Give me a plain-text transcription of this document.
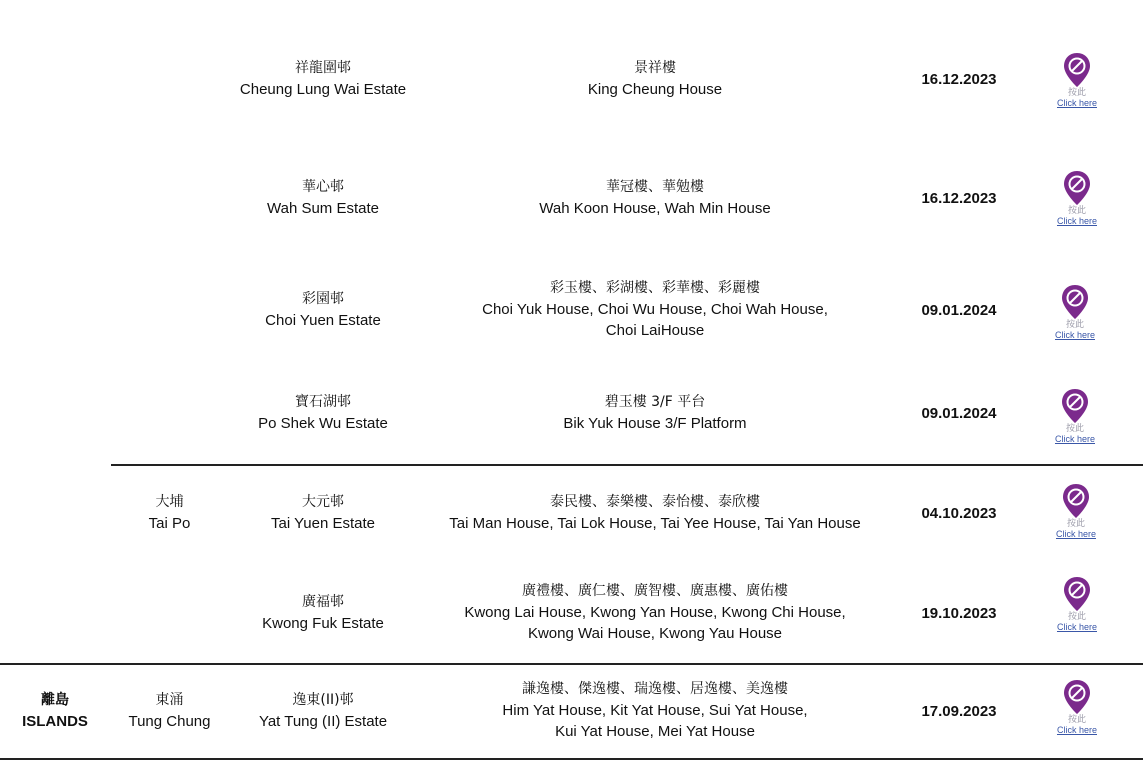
祥龍圍邨
Cheung Lung Wai Estate
景祥樓
King Cheung House
16.12.2023
按此
Click here
華心邨
Wah Sum Estate
華冠樓、華勉樓
Wah Koon House, Wah Min House
16.12.2023
按此
Click here
彩園邨
Choi Yuen Estate
彩玉樓、彩湖樓、彩華樓、彩麗樓
Choi Yuk House, Choi Wu House, Choi Wah House,
Choi LaiHouse
09.01.2024
按此
Click here
寶石湖邨
Po Shek Wu Estate
碧玉樓 3/F 平台
Bik Yuk House 3/F Platform
09.01.2024
按此
Click here
大埔
Tai Po
大元邨
Tai Yuen Estate
泰民樓、泰樂樓、泰怡樓、泰欣樓
Tai Man House, Tai Lok House, Tai Yee House, Tai Yan House
04.10.2023
按此
Click here
廣福邨
Kwong Fuk Estate
廣禮樓、廣仁樓、廣智樓、廣惠樓、廣佑樓
Kwong Lai House, Kwong Yan House, Kwong Chi House,
Kwong Wai House, Kwong Yau House
19.10.2023	按此
Click here
離島
ISLANDS
東涌
Tung Chung
逸東(II)邨
Yat Tung (II) Estate
謙逸樓、傑逸樓、瑞逸樓、居逸樓、美逸樓
Him Yat House, Kit Yat House, Sui Yat House,
Kui Yat House, Mei Yat House
17.09.2023	按此
Click here
